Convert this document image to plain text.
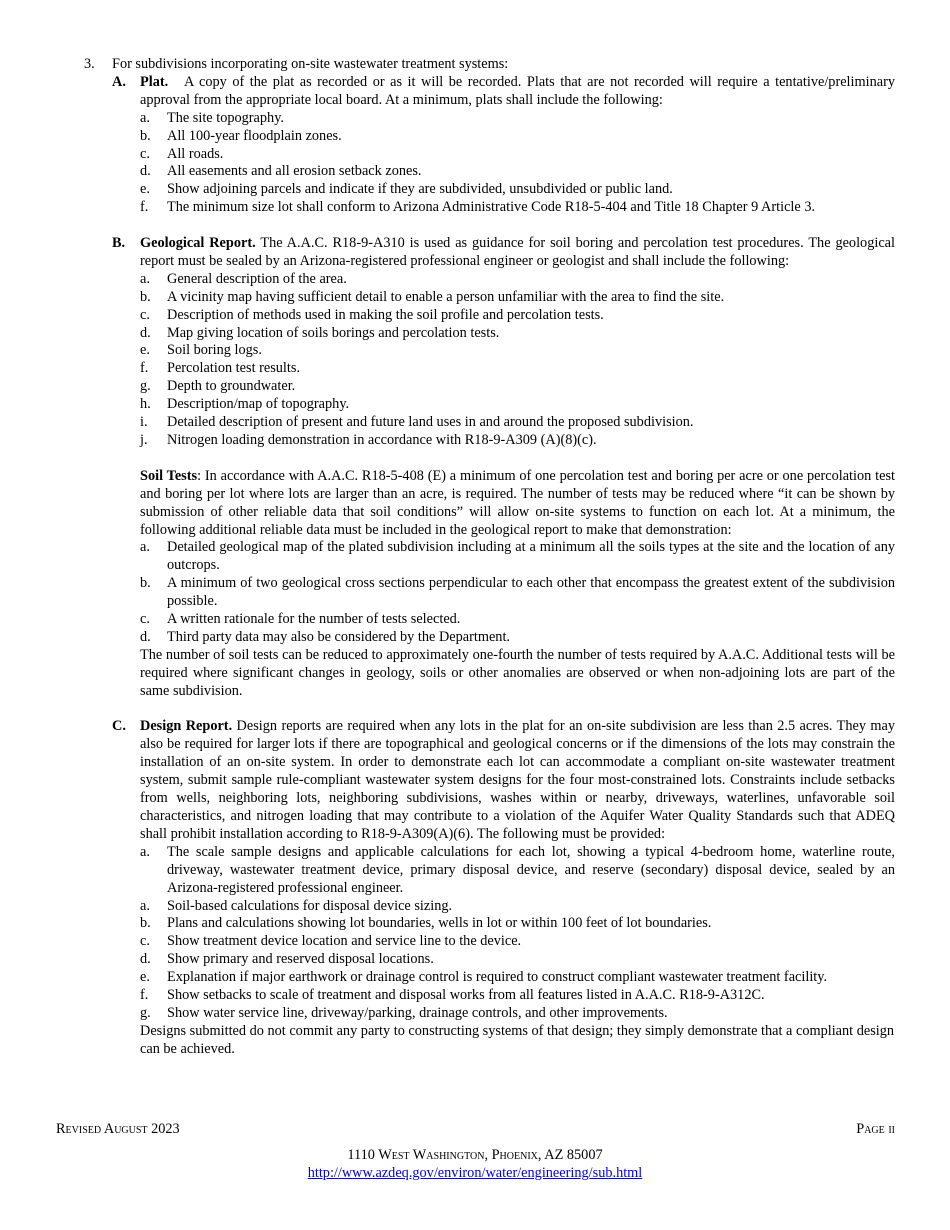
3.	For subdivisions incorporating on-site wastewater treatment systems:
A. Plat. A copy of the plat as recorded or as it will be recorded. Plats that are not recorded will require a tentative/preliminary approval from the appropriate local board. At a minimum, plats shall include the following:
a.	The site topography.
b.	All 100-year floodplain zones.
c.	All roads.
d.	All easements and all erosion setback zones.
e.	Show adjoining parcels and indicate if they are subdivided, unsubdivided or public land.
f.	The minimum size lot shall conform to Arizona Administrative Code R18-5-404 and Title 18 Chapter 9 Article 3.
B.	Geological Report. The A.A.C. R18-9-A310 is used as guidance for soil boring and percolation test procedures. The geological report must be sealed by an Arizona-registered professional engineer or geologist and shall include the following:
a.	General description of the area.
b.	A vicinity map having sufficient detail to enable a person unfamiliar with the area to find the site.
c.	Description of methods used in making the soil profile and percolation tests.
d.	Map giving location of soils borings and percolation tests.
e.	Soil boring logs.
f.	Percolation test results.
g.	Depth to groundwater.
h.	Description/map of topography.
i.	Detailed description of present and future land uses in and around the proposed subdivision.
j.	Nitrogen loading demonstration in accordance with R18-9-A309 (A)(8)(c).
Soil Tests: In accordance with A.A.C. R18-5-408 (E) a minimum of one percolation test and boring per acre or one percolation test and boring per lot where lots are larger than an acre, is required. The number of tests may be reduced where “it can be shown by submission of other reliable data that soil conditions” will allow on-site systems to function on each lot. At a minimum, the following additional reliable data must be included in the geological report to make that demonstration:
a.	Detailed geological map of the plated subdivision including at a minimum all the soils types at the site and the location of any outcrops.
b.	A minimum of two geological cross sections perpendicular to each other that encompass the greatest extent of the subdivision possible.
c.	A written rationale for the number of tests selected.
d.	Third party data may also be considered by the Department.
The number of soil tests can be reduced to approximately one-fourth the number of tests required by A.A.C. Additional tests will be required where significant changes in geology, soils or other anomalies are observed or when non-adjoining lots are part of the same subdivision.
C. Design Report. Design reports are required when any lots in the plat for an on-site subdivision are less than 2.5 acres. They may also be required for larger lots if there are topographical and geological concerns or if the dimensions of the lots may constrain the installation of an on-site system. In order to demonstrate each lot can accommodate a compliant on-site wastewater treatment system, submit sample rule-compliant wastewater system designs for the four most-constrained lots. Constraints include setbacks from wells, neighboring lots, neighboring subdivisions, washes within or nearby, driveways, waterlines, unfavorable soil characteristics, and nitrogen loading that may contribute to a violation of the Aquifer Water Quality Standards such that ADEQ shall prohibit installation according to R18-9-A309(A)(6). The following must be provided:
a.	The scale sample designs and applicable calculations for each lot, showing a typical 4-bedroom home, waterline route, driveway, wastewater treatment device, primary disposal device, and reserve (secondary) disposal device, sealed by an Arizona-registered professional engineer.
a.	Soil-based calculations for disposal device sizing.
b.	Plans and calculations showing lot boundaries, wells in lot or within 100 feet of lot boundaries.
c.	Show treatment device location and service line to the device.
d.	Show primary and reserved disposal locations.
e.	Explanation if major earthwork or drainage control is required to construct compliant wastewater treatment facility.
f.	Show setbacks to scale of treatment and disposal works from all features listed in A.A.C. R18-9-A312C.
g.	Show water service line, driveway/parking, drainage controls, and other improvements.
Designs submitted do not commit any party to constructing systems of that design; they simply demonstrate that a compliant design can be achieved.
Revised August 2023	Page ii
1110 West Washington, Phoenix, AZ 85007
http://www.azdeq.gov/environ/water/engineering/sub.html
